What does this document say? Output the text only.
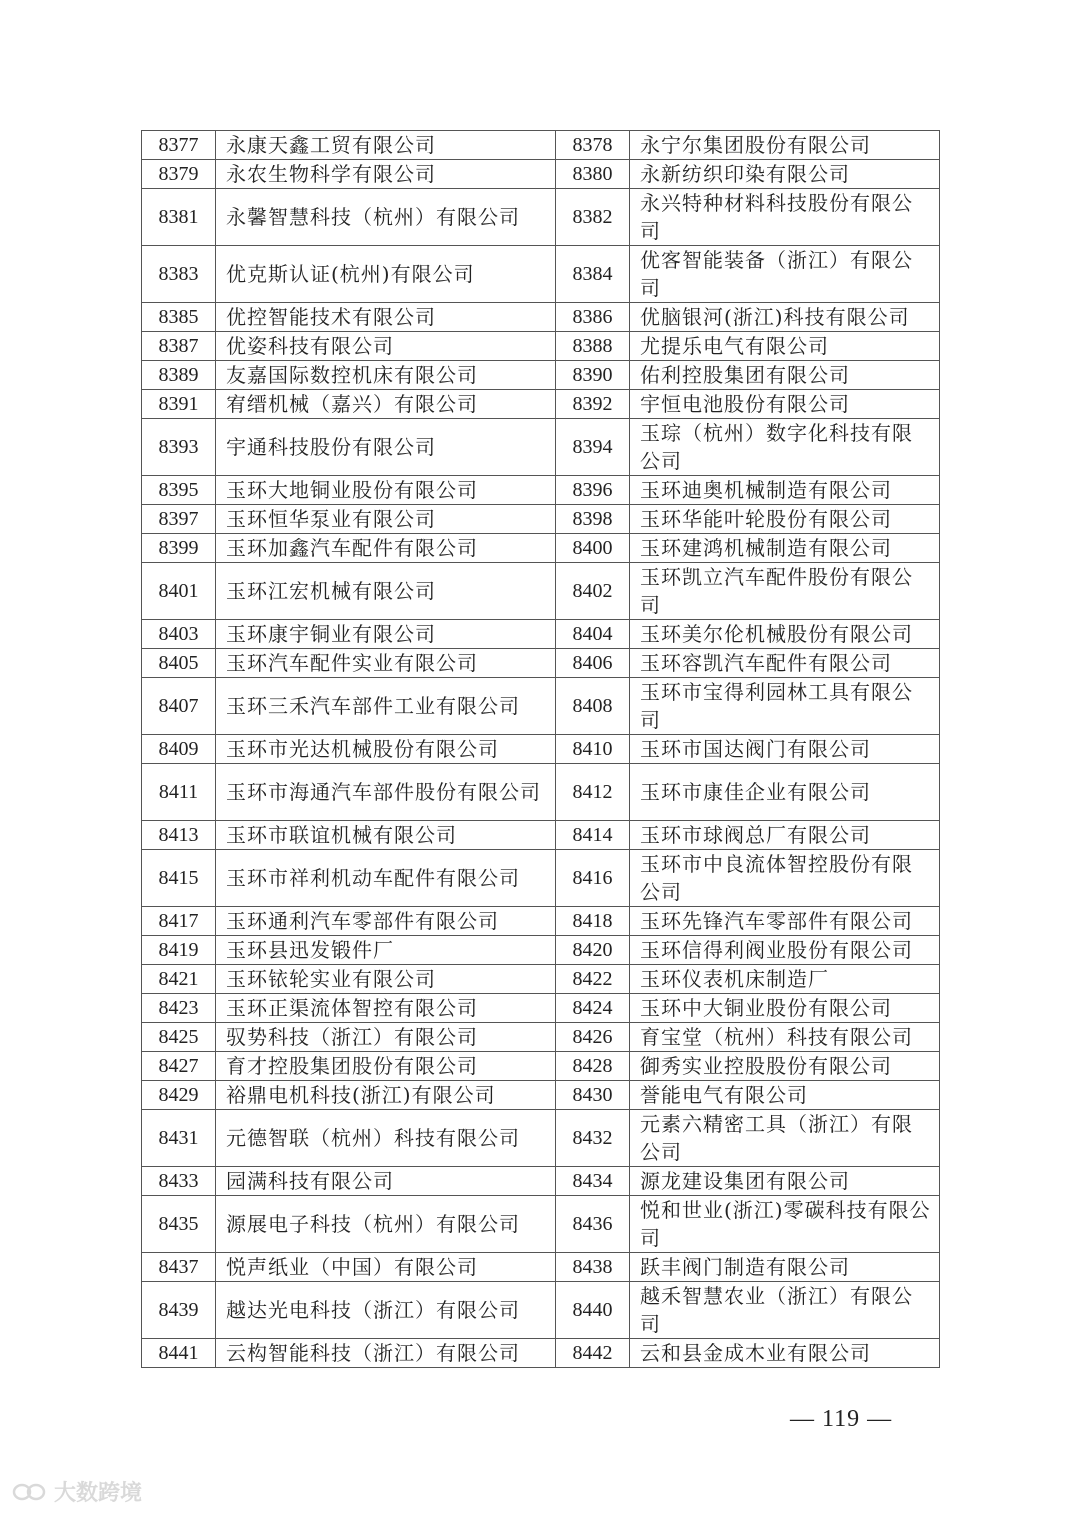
8377	永康天鑫工贸有限公司	8378	永宁尔集团股份有限公司
8379	永农生物科学有限公司	8380	永新纺织印染有限公司
8381	永馨智慧科技（杭州）有限公司	8382	永兴特种材料科技股份有限公司
8383	优克斯认证(杭州)有限公司	8384	优客智能装备（浙江）有限公司
8385	优控智能技术有限公司	8386	优脑银河(浙江)科技有限公司
8387	优姿科技有限公司	8388	尤提乐电气有限公司
8389	友嘉国际数控机床有限公司	8390	佑利控股集团有限公司
8391	宥缙机械（嘉兴）有限公司	8392	宇恒电池股份有限公司
8393	宇通科技股份有限公司	8394	玉琮（杭州）数字化科技有限公司
8395	玉环大地铜业股份有限公司	8396	玉环迪奥机械制造有限公司
8397	玉环恒华泵业有限公司	8398	玉环华能叶轮股份有限公司
8399	玉环加鑫汽车配件有限公司	8400	玉环建鸿机械制造有限公司
8401	玉环江宏机械有限公司	8402	玉环凯立汽车配件股份有限公司
8403	玉环康宇铜业有限公司	8404	玉环美尔伦机械股份有限公司
8405	玉环汽车配件实业有限公司	8406	玉环容凯汽车配件有限公司
8407	玉环三禾汽车部件工业有限公司	8408	玉环市宝得利园林工具有限公司
8409	玉环市光达机械股份有限公司	8410	玉环市国达阀门有限公司
8411	玉环市海通汽车部件股份有限公司	8412	玉环市康佳企业有限公司
8413	玉环市联谊机械有限公司	8414	玉环市球阀总厂有限公司
8415	玉环市祥利机动车配件有限公司	8416	玉环市中良流体智控股份有限公司
8417	玉环通利汽车零部件有限公司	8418	玉环先锋汽车零部件有限公司
8419	玉环县迅发锻件厂	8420	玉环信得利阀业股份有限公司
8421	玉环铱轮实业有限公司	8422	玉环仪表机床制造厂
8423	玉环正渠流体智控有限公司	8424	玉环中大铜业股份有限公司
8425	驭势科技（浙江）有限公司	8426	育宝堂（杭州）科技有限公司
8427	育才控股集团股份有限公司	8428	御秀实业控股股份有限公司
8429	裕鼎电机科技(浙江)有限公司	8430	誉能电气有限公司
8431	元德智联（杭州）科技有限公司	8432	元素六精密工具（浙江）有限公司
8433	园满科技有限公司	8434	源龙建设集团有限公司
8435	源展电子科技（杭州）有限公司	8436	悦和世业(浙江)零碳科技有限公司
8437	悦声纸业（中国）有限公司	8438	跃丰阀门制造有限公司
8439	越达光电科技（浙江）有限公司	8440	越禾智慧农业（浙江）有限公司
8441	云构智能科技（浙江）有限公司	8442	云和县金成木业有限公司
— 119 —
大数跨境
